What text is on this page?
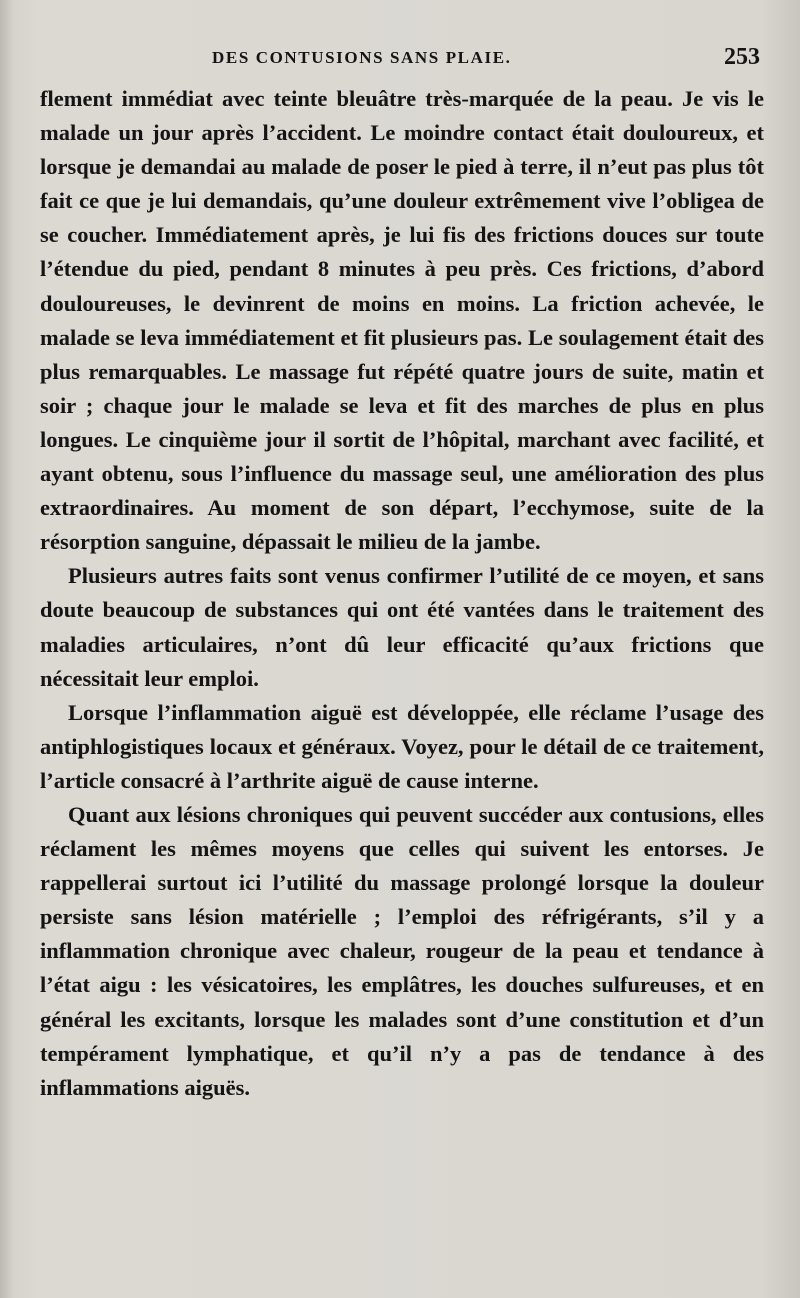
DES CONTUSIONS SANS PLAIE.	253

flement immédiat avec teinte bleuâtre très-marquée de la peau. Je vis le malade un jour après l’accident. Le moindre contact était douloureux, et lorsque je demandai au malade de poser le pied à terre, il n’eut pas plus tôt fait ce que je lui demandais, qu’une douleur extrêmement vive l’obligea de se coucher. Immédiatement après, je lui fis des frictions douces sur toute l’étendue du pied, pendant 8 minutes à peu près. Ces frictions, d’abord douloureuses, le devinrent de moins en moins. La friction achevée, le malade se leva immédiatement et fit plusieurs pas. Le soulagement était des plus remarquables. Le massage fut répété quatre jours de suite, matin et soir ; chaque jour le malade se leva et fit des marches de plus en plus longues. Le cinquième jour il sortit de l’hôpital, marchant avec facilité, et ayant obtenu, sous l’influence du massage seul, une amélioration des plus extraordinaires. Au moment de son départ, l’ecchymose, suite de la résorption sanguine, dépassait le milieu de la jambe.

Plusieurs autres faits sont venus confirmer l’utilité de ce moyen, et sans doute beaucoup de substances qui ont été vantées dans le traitement des maladies articulaires, n’ont dû leur efficacité qu’aux frictions que nécessitait leur emploi.

Lorsque l’inflammation aiguë est développée, elle réclame l’usage des antiphlogistiques locaux et généraux. Voyez, pour le détail de ce traitement, l’article consacré à l’arthrite aiguë de cause interne.

Quant aux lésions chroniques qui peuvent succéder aux contusions, elles réclament les mêmes moyens que celles qui suivent les entorses. Je rappellerai surtout ici l’utilité du massage prolongé lorsque la douleur persiste sans lésion matérielle ; l’emploi des réfrigérants, s’il y a inflammation chronique avec chaleur, rougeur de la peau et tendance à l’état aigu : les vésicatoires, les emplâtres, les douches sulfureuses, et en général les excitants, lorsque les malades sont d’une constitution et d’un tempérament lymphatique, et qu’il n’y a pas de tendance à des inflammations aiguës.
